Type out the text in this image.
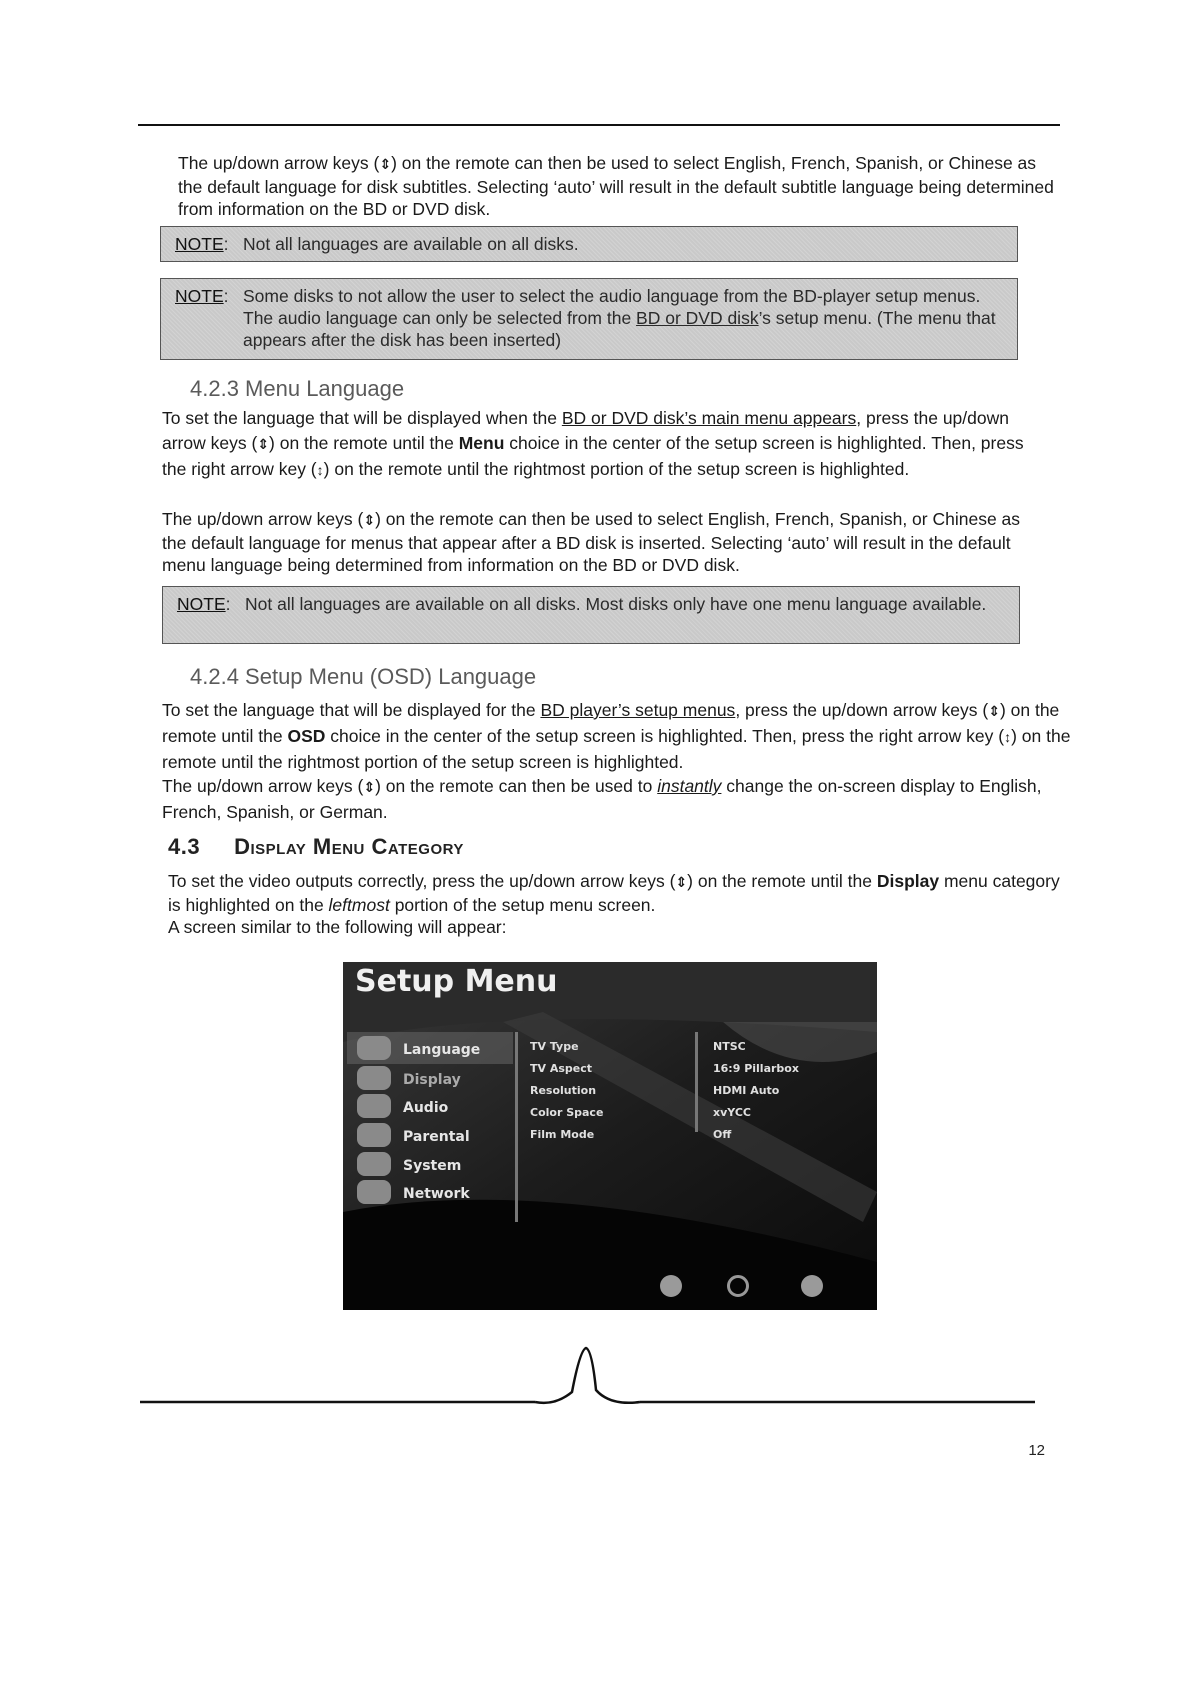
The up/down arrow keys (⇕) on the remote can then be used to select English, French, Spanish, or Chinese as the default language for disk subtitles. Selecting ‘auto’ will result in the default subtitle language being determined from information on the BD or DVD disk.

NOTE: Not all languages are available on all disks.
NOTE: Some disks to not allow the user to select the audio language from the BD-player setup menus. The audio language can only be selected from the BD or DVD disk’s setup menu. (The menu that appears after the disk has been inserted)
4.2.3 Menu Language

To set the language that will be displayed when the BD or DVD disk’s main menu appears, press the up/down arrow keys (⇕) on the remote until the Menu choice in the center of the setup screen is highlighted. Then, press the right arrow key (↕) on the remote until the rightmost portion of the setup screen is highlighted.

The up/down arrow keys (⇕) on the remote can then be used to select English, French, Spanish, or Chinese as the default language for menus that appear after a BD disk is inserted. Selecting ‘auto’ will result in the default menu language being determined from information on the BD or DVD disk.

NOTE: Not all languages are available on all disks. Most disks only have one menu language available.
4.2.4 Setup Menu (OSD) Language

To set the language that will be displayed for the BD player’s setup menus, press the up/down arrow keys (⇕) on the remote until the OSD choice in the center of the setup screen is highlighted. Then, press the right arrow key (↕) on the remote until the rightmost portion of the setup screen is highlighted.

The up/down arrow keys (⇕) on the remote can then be used to instantly change the on-screen display to English, French, Spanish, or German.

4.3 Display Menu Category

To set the video outputs correctly, press the up/down arrow keys (⇕) on the remote until the Display menu category is highlighted on the leftmost portion of the setup menu screen.

A screen similar to the following will appear:

Setup Menu
Language
Display
Audio
Parental
System
Network
TV Type
TV Aspect
Resolution
Color Space
Film Mode
NTSC
16:9 Pillarbox
HDMI Auto
xvYCC
Off
12
